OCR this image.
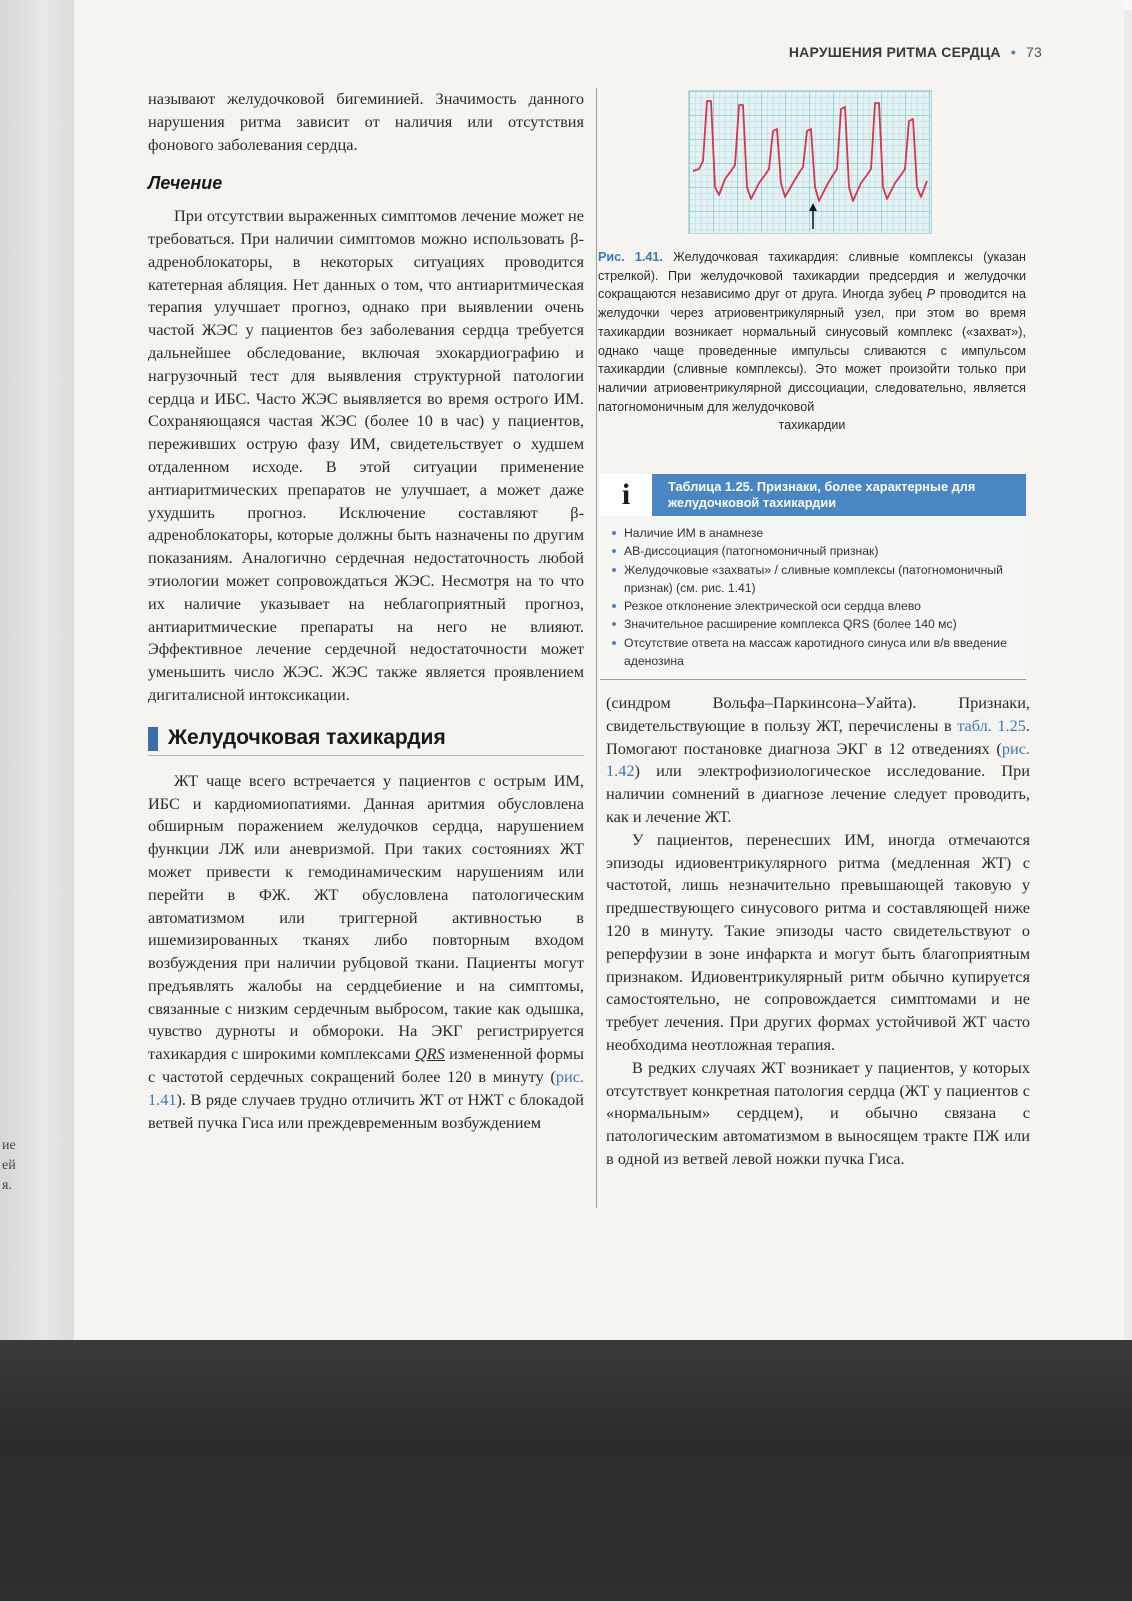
ие
ей
я.
НАРУШЕНИЯ РИТМА СЕРДЦА • 73

называют желудочковой бигеминией. Значимость данного нарушения ритма зависит от наличия или отсутствия фонового заболевания сердца.

Лечение

При отсутствии выраженных симптомов лечение может не требоваться. При наличии симптомов можно использовать β-адреноблокаторы, в некоторых ситуациях проводится катетерная абляция. Нет данных о том, что антиаритмическая терапия улучшает прогноз, однако при выявлении очень частой ЖЭС у пациентов без заболевания сердца требуется дальнейшее обследование, включая эхокардиографию и нагрузочный тест для выявления структурной патологии сердца и ИБС. Часто ЖЭС выявляется во время острого ИМ. Сохраняющаяся частая ЖЭС (более 10 в час) у пациентов, переживших острую фазу ИМ, свидетельствует о худшем отдаленном исходе. В этой ситуации применение антиаритмических препаратов не улучшает, а может даже ухудшить прогноз. Исключение составляют β-адреноблокаторы, которые должны быть назначены по другим показаниям. Аналогично сердечная недостаточность любой этиологии может сопровождаться ЖЭС. Несмотря на то что их наличие указывает на неблагоприятный прогноз, антиаритмические препараты на него не влияют. Эффективное лечение сердечной недостаточности может уменьшить число ЖЭС. ЖЭС также является проявлением дигиталисной интоксикации.

Желудочковая тахикардия

ЖТ чаще всего встречается у пациентов с острым ИМ, ИБС и кардиомиопатиями. Данная аритмия обусловлена обширным поражением желудочков сердца, нарушением функции ЛЖ или аневризмой. При таких состояниях ЖТ может привести к гемодинамическим нарушениям или перейти в ФЖ. ЖТ обусловлена патологическим автоматизмом или триггерной активностью в ишемизированных тканях либо повторным входом возбуждения при наличии рубцовой ткани. Пациенты могут предъявлять жалобы на сердцебиение и на симптомы, связанные с низким сердечным выбросом, такие как одышка, чувство дурноты и обмороки. На ЭКГ регистрируется тахикардия с широкими комплексами QRS измененной формы с частотой сердечных сокращений более 120 в минуту (рис. 1.41). В ряде случаев трудно отличить ЖТ от НЖТ с блокадой ветвей пучка Гиса или преждевременным возбуждением

Рис. 1.41. Желудочковая тахикардия: сливные комплексы (указан стрелкой). При желудочковой тахикардии предсердия и желудочки сокращаются независимо друг от друга. Иногда зубец P проводится на желудочки через атриовентрикулярный узел, при этом во время тахикардии возникает нормальный синусовый комплекс («захват»), однако чаще проведенные импульсы сливаются с импульсом тахикардии (сливные комплексы). Это может произойти только при наличии атриовентрикулярной диссоциации, следовательно, является патогномоничным для желудочковой
тахикардии
i	Таблица 1.25. Признаки, более характерные для желудочковой тахикардии
Наличие ИМ в анамнезе
АВ-диссоциация (патогномоничный признак)
Желудочковые «захваты» / сливные комплексы (патогномоничный признак) (см. рис. 1.41)
Резкое отклонение электрической оси сердца влево
Значительное расширение комплекса QRS (более 140 мс)
Отсутствие ответа на массаж каротидного синуса или в/в введение аденозина

(синдром Вольфа–Паркинсона–Уайта). Признаки, свидетельствующие в пользу ЖТ, перечислены в табл. 1.25. Помогают постановке диагноза ЭКГ в 12 отведениях (рис. 1.42) или электрофизиологическое исследование. При наличии сомнений в диагнозе лечение следует проводить, как и лечение ЖТ.

У пациентов, перенесших ИМ, иногда отмечаются эпизоды идиовентрикулярного ритма (медленная ЖТ) с частотой, лишь незначительно превышающей таковую у предшествующего синусового ритма и составляющей ниже 120 в минуту. Такие эпизоды часто свидетельствуют о реперфузии в зоне инфаркта и могут быть благоприятным признаком. Идиовентрикулярный ритм обычно купируется самостоятельно, не сопровождается симптомами и не требует лечения. При других формах устойчивой ЖТ часто необходима неотложная терапия.

В редких случаях ЖТ возникает у пациентов, у которых отсутствует конкретная патология сердца (ЖТ у пациентов с «нормальным» сердцем), и обычно связана с патологическим автоматизмом в выносящем тракте ПЖ или в одной из ветвей левой ножки пучка Гиса.
